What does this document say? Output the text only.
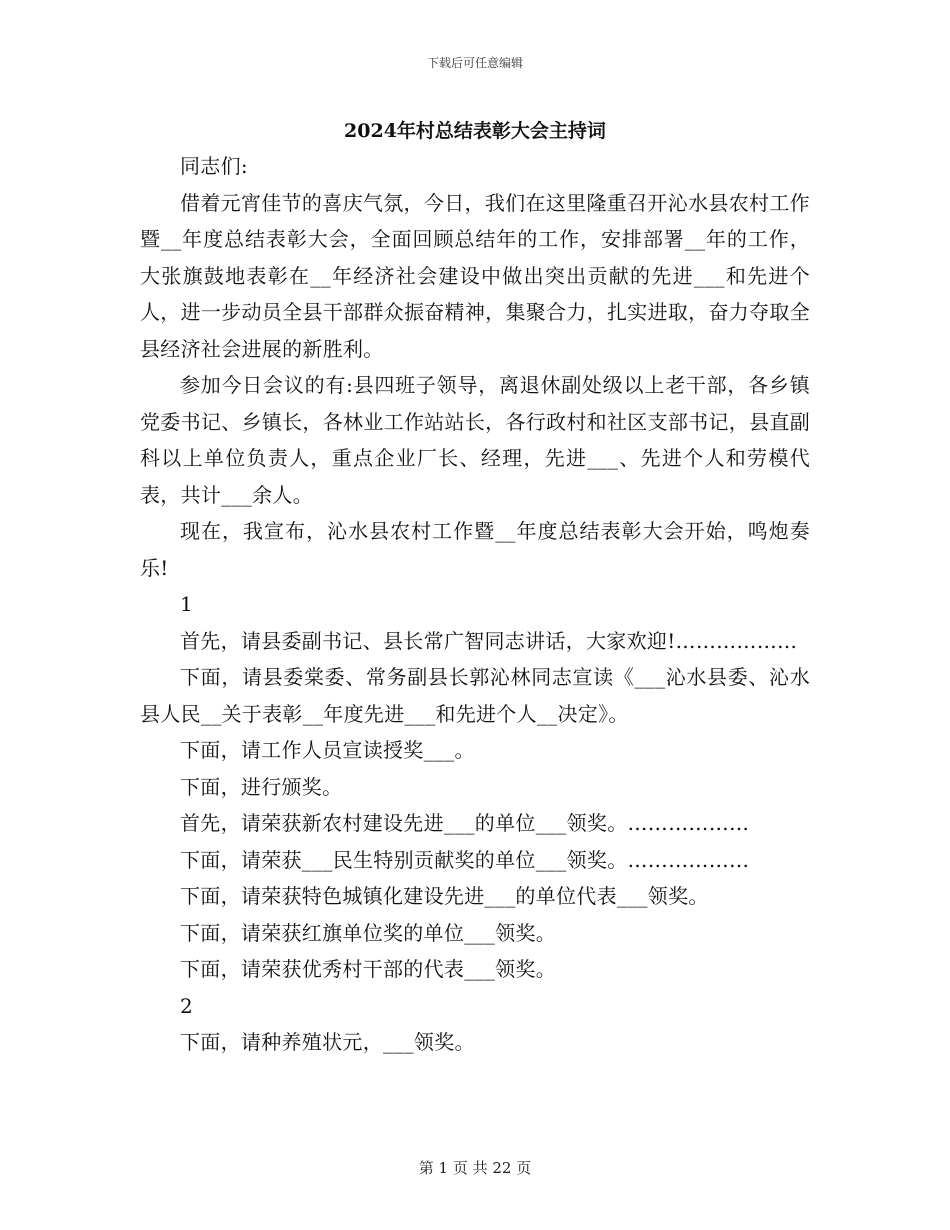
下载后可任意编辑
2024年村总结表彰大会主持词

同志们:

借着元宵佳节的喜庆气氛，今日，我们在这里隆重召开沁水县农村工作暨__年度总结表彰大会，全面回顾总结年的工作，安排部署__年的工作，大张旗鼓地表彰在__年经济社会建设中做出突出贡献的先进___和先进个人，进一步动员全县干部群众振奋精神，集聚合力，扎实进取，奋力夺取全县经济社会进展的新胜利。

参加今日会议的有:县四班子领导，离退休副处级以上老干部，各乡镇党委书记、乡镇长，各林业工作站站长，各行政村和社区支部书记，县直副科以上单位负责人，重点企业厂长、经理，先进___、先进个人和劳模代表，共计___余人。

现在，我宣布，沁水县农村工作暨__年度总结表彰大会开始，鸣炮奏乐!

1

首先，请县委副书记、县长常广智同志讲话，大家欢迎!………………

下面，请县委棠委、常务副县长郭沁林同志宣读《___沁水县委、沁水县人民__关于表彰__年度先进___和先进个人__决定》。

下面，请工作人员宣读授奖___。

下面，进行颁奖。

首先，请荣获新农村建设先进___的单位___领奖。………………

下面，请荣获___民生特别贡献奖的单位___领奖。………………

下面，请荣获特色城镇化建设先进___的单位代表___领奖。

下面，请荣获红旗单位奖的单位___领奖。

下面，请荣获优秀村干部的代表___领奖。

2

下面，请种养殖状元，___领奖。

第 1 页 共 22 页
